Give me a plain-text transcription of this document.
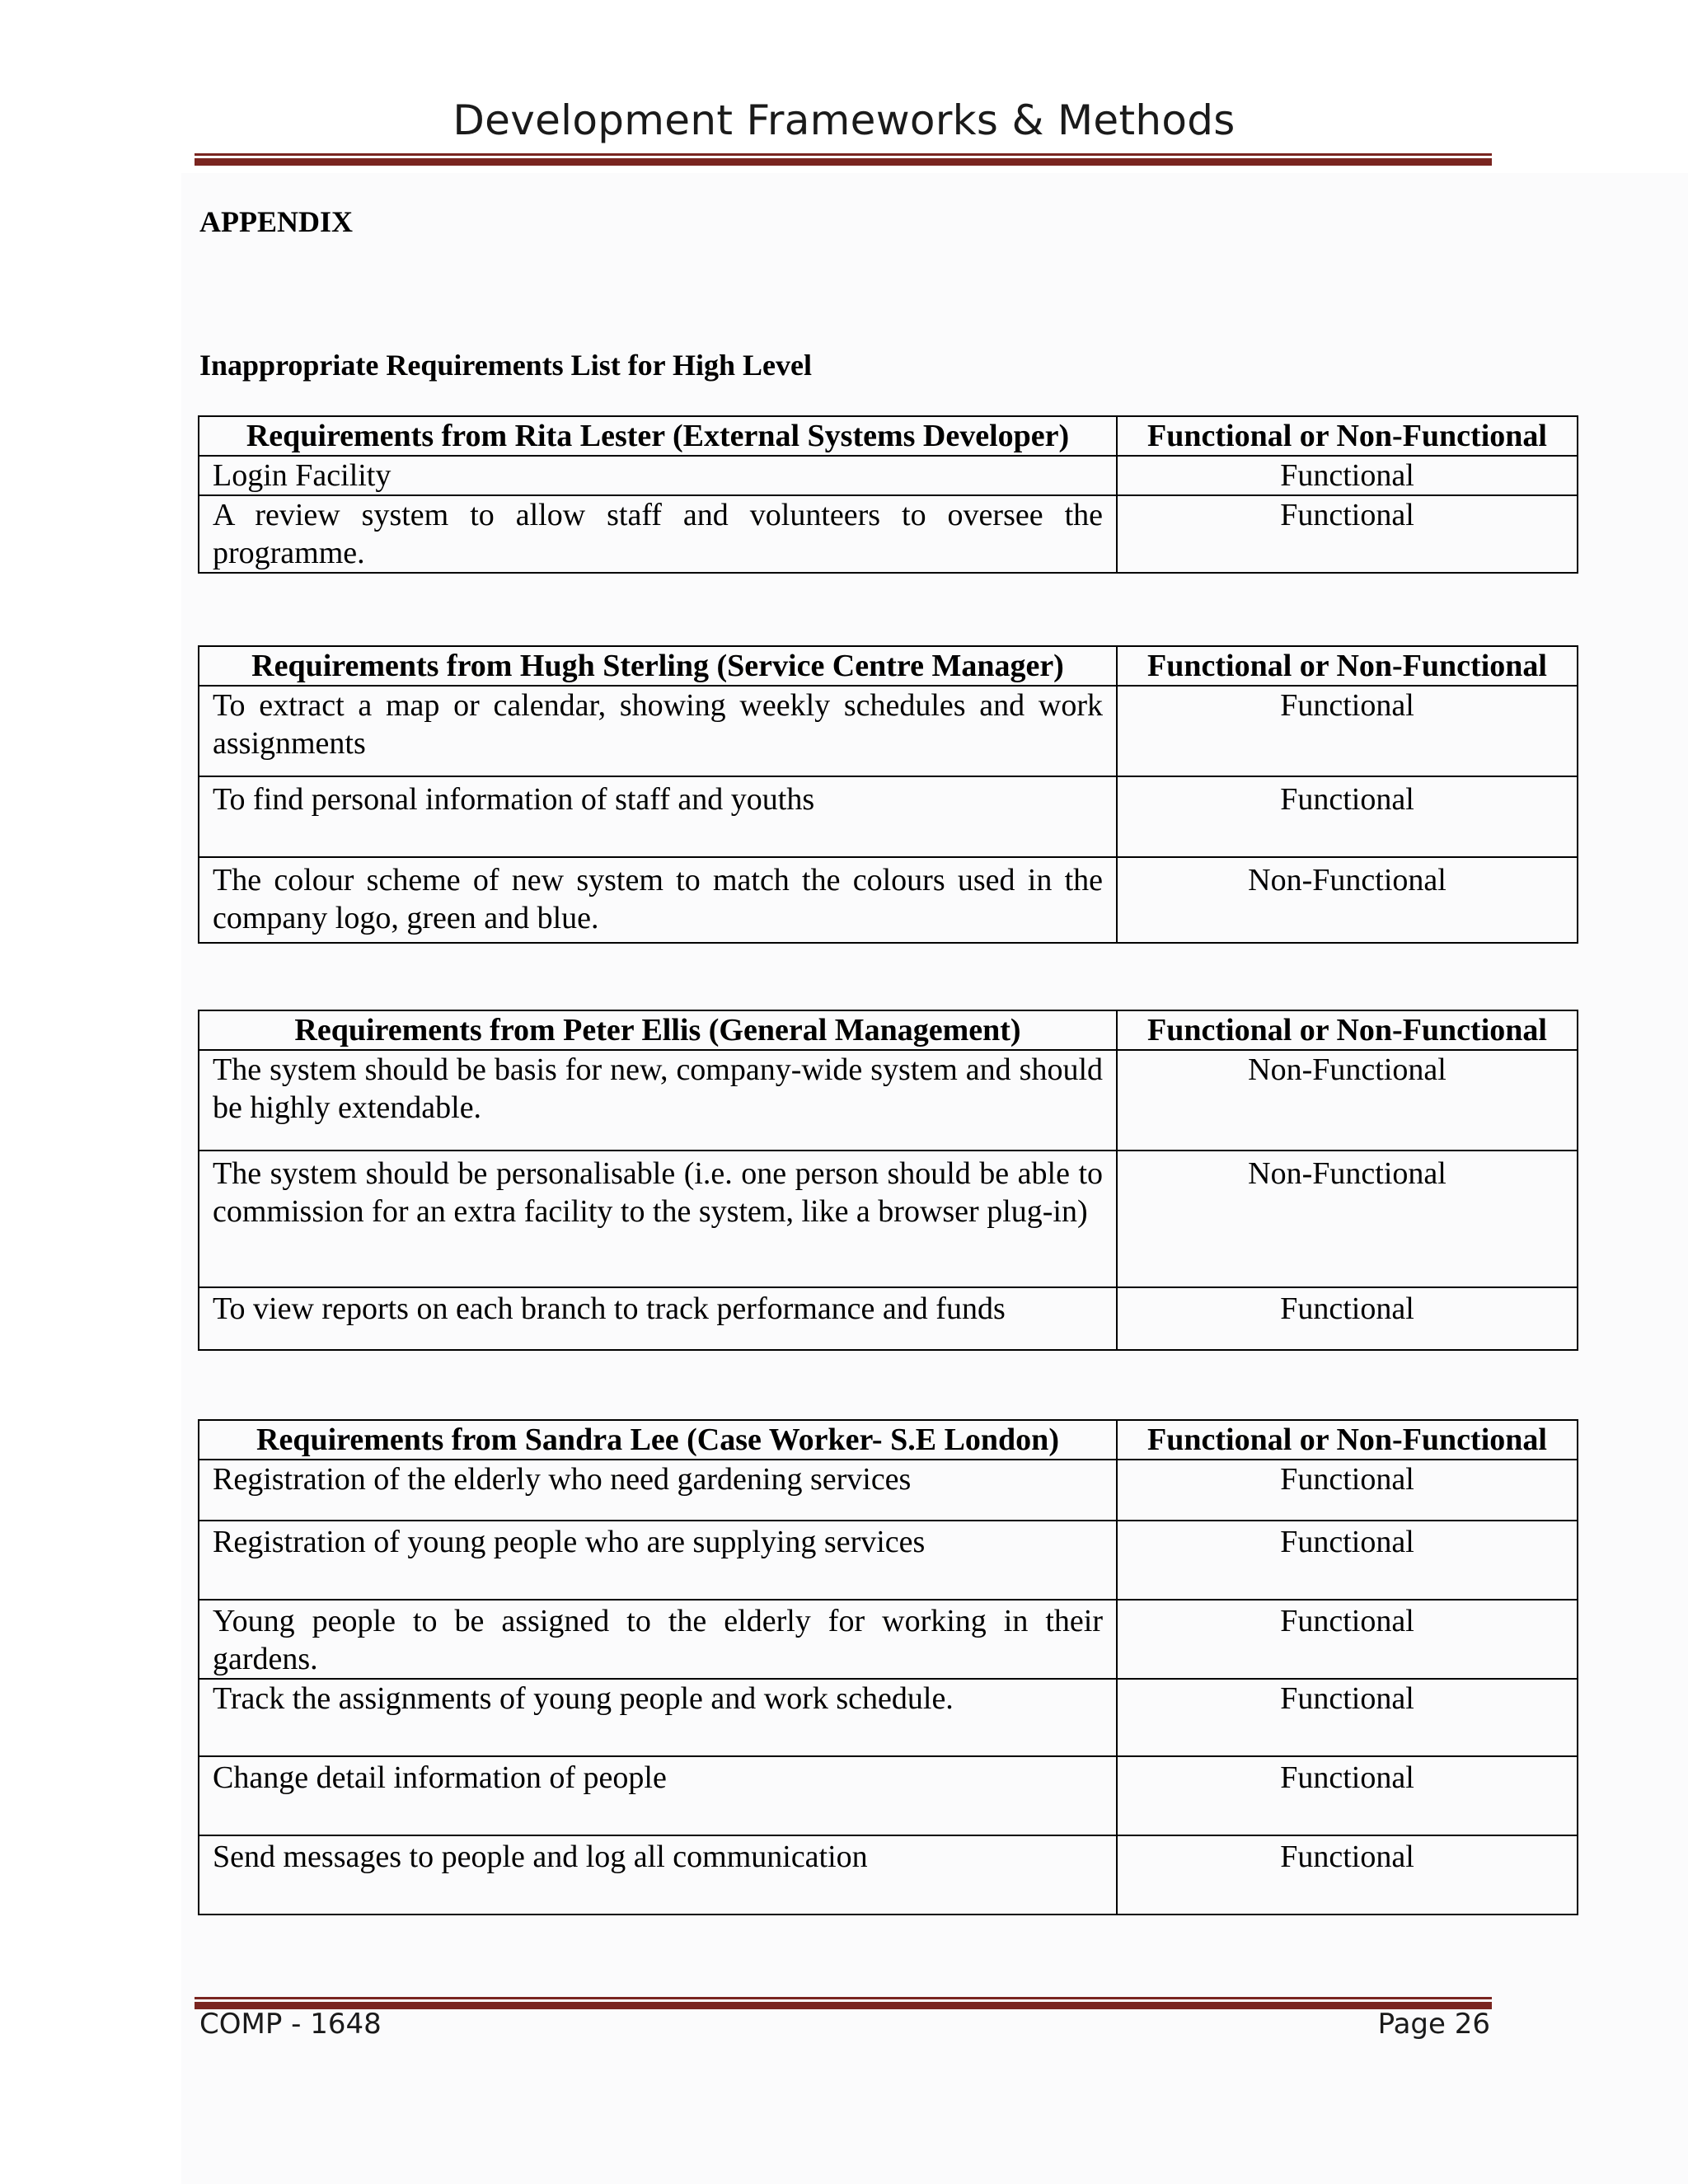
Development Frameworks & Methods
APPENDIX
Inappropriate Requirements List for High Level
Requirements from Rita Lester (External Systems Developer)	Functional or Non-Functional
Login Facility	Functional
A review system to allow staff and volunteers to oversee the programme.	Functional
Requirements from Hugh Sterling (Service Centre Manager)	Functional or Non-Functional
To extract a map or calendar, showing weekly schedules and work assignments	Functional
To find personal information of staff and youths	Functional
The colour scheme of new system to match the colours used in the company logo, green and blue.	Non-Functional
Requirements from Peter Ellis (General Management)	Functional or Non-Functional
The system should be basis for new, company-wide system and should be highly extendable.	Non-Functional
The system should be personalisable (i.e. one person should be able to commission for an extra facility to the system, like a browser plug-in)	Non-Functional
To view reports on each branch to track performance and funds	Functional
Requirements from Sandra Lee (Case Worker- S.E London)	Functional or Non-Functional
Registration of the elderly who need gardening services	Functional
Registration of young people who are supplying services	Functional
Young people to be assigned to the elderly for working in their gardens.	Functional
Track the assignments of young people and work schedule.	Functional
Change detail information of people	Functional
Send messages to people and log all communication	Functional
COMP - 1648	Page 26
